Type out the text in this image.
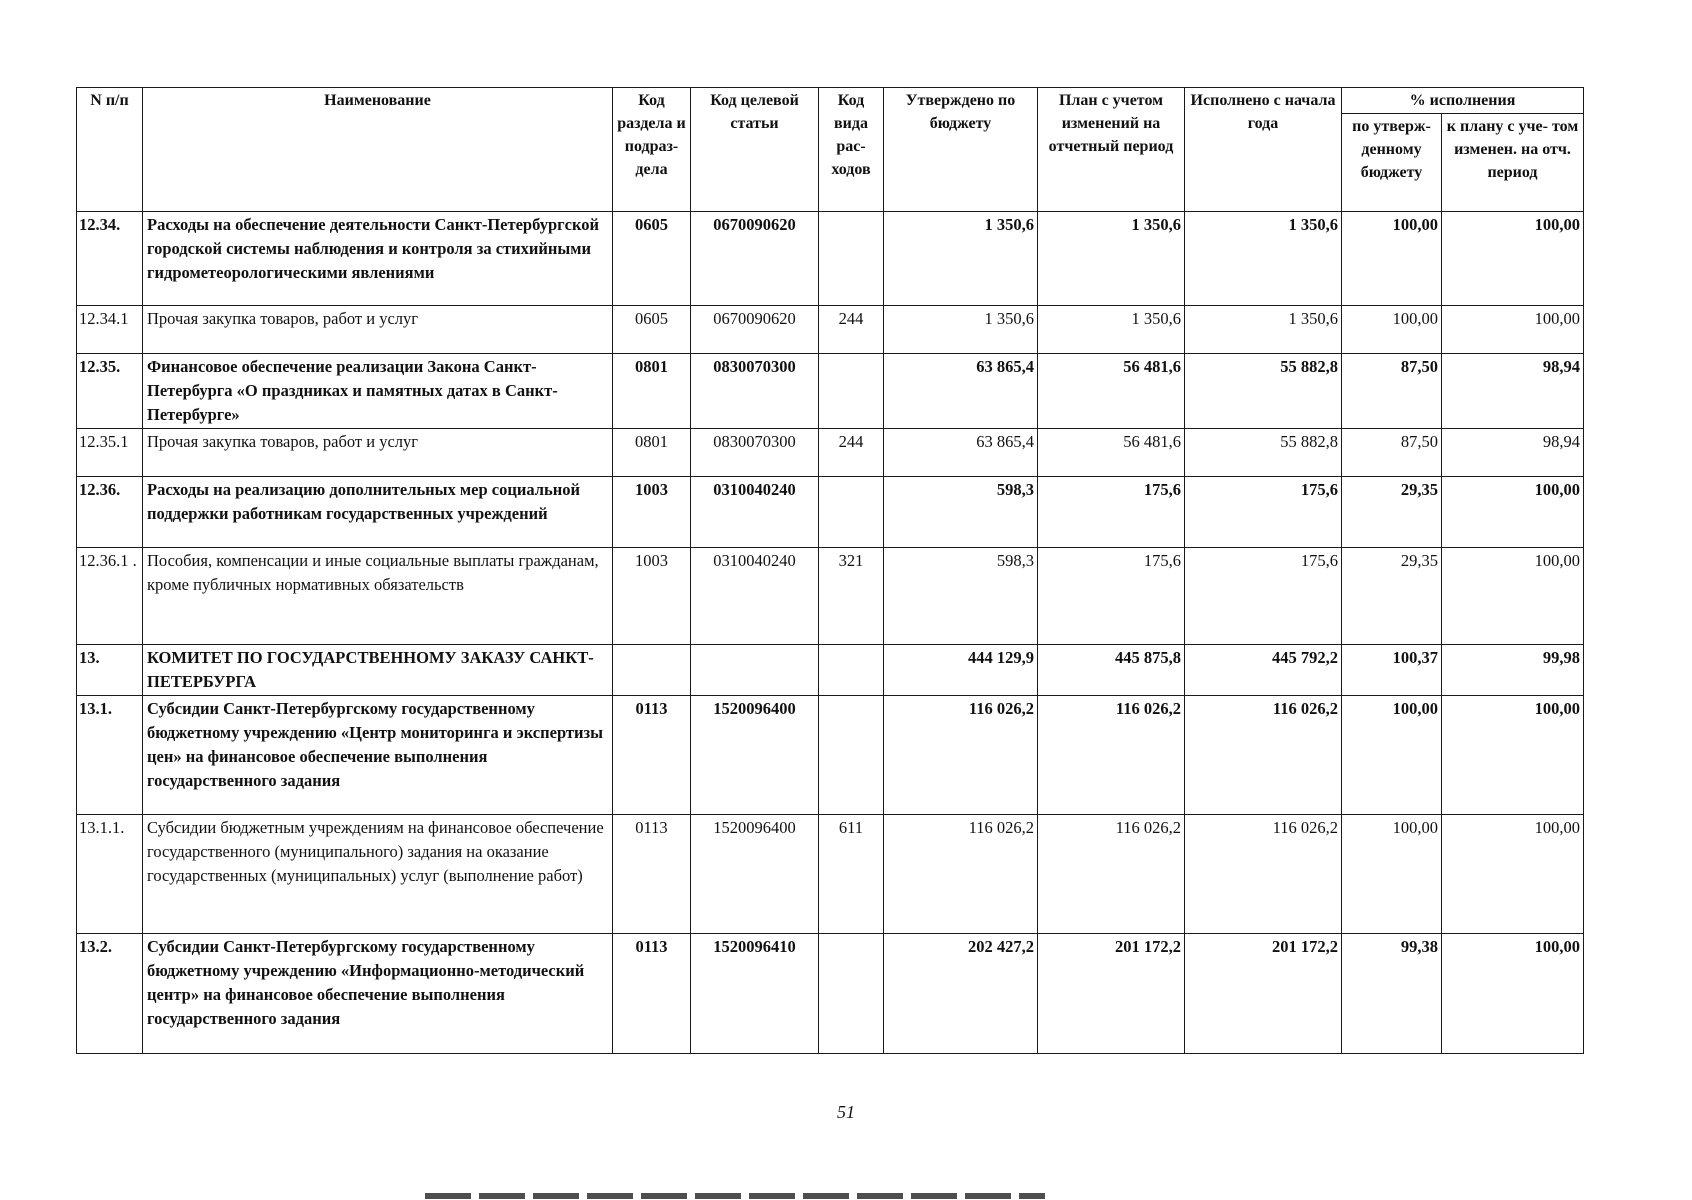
N п/п	Наименование	Код раздела и подраз- дела	Код целевой статьи	Код вида рас- ходов	Утверждено по бюджету	План с учетом изменений на отчетный период	Исполнено с начала года	% исполнения	
								по утверж- денному бюджету	к плану с уче- том изменен. на отч. период
12.34.	Расходы на обеспечение деятельности Санкт-Петербургской городской системы наблюдения и контроля за стихийными гидрометеорологическими явлениями	0605	0670090620		1 350,6	1 350,6	1 350,6	100,00	100,00
12.34.1	Прочая закупка товаров, работ и услуг	0605	0670090620	244	1 350,6	1 350,6	1 350,6	100,00	100,00
12.35.	Финансовое обеспечение реализации Закона Санкт-Петербурга «О праздниках и памятных датах в Санкт-Петербурге»	0801	0830070300		63 865,4	56 481,6	55 882,8	87,50	98,94
12.35.1	Прочая закупка товаров, работ и услуг	0801	0830070300	244	63 865,4	56 481,6	55 882,8	87,50	98,94
12.36.	Расходы на реализацию дополнительных мер социальной поддержки работникам государственных учреждений	1003	0310040240		598,3	175,6	175,6	29,35	100,00
12.36.1 .	Пособия, компенсации и иные социальные выплаты гражданам, кроме публичных нормативных обязательств	1003	0310040240	321	598,3	175,6	175,6	29,35	100,00
13.	КОМИТЕТ ПО ГОСУДАРСТВЕННОМУ ЗАКАЗУ САНКТ-ПЕТЕРБУРГА				444 129,9	445 875,8	445 792,2	100,37	99,98
13.1.	Субсидии Санкт-Петербургскому государственному бюджетному учреждению «Центр мониторинга и экспертизы цен» на финансовое обеспечение выполнения государственного задания	0113	1520096400		116 026,2	116 026,2	116 026,2	100,00	100,00
13.1.1.	Субсидии бюджетным учреждениям на финансовое обеспечение государственного (муниципального) задания на оказание государственных (муниципальных) услуг (выполнение работ)	0113	1520096400	611	116 026,2	116 026,2	116 026,2	100,00	100,00
13.2.	Субсидии Санкт-Петербургскому государственному бюджетному учреждению «Информационно-методический центр» на финансовое обеспечение выполнения государственного задания	0113	1520096410		202 427,2	201 172,2	201 172,2	99,38	100,00
51
